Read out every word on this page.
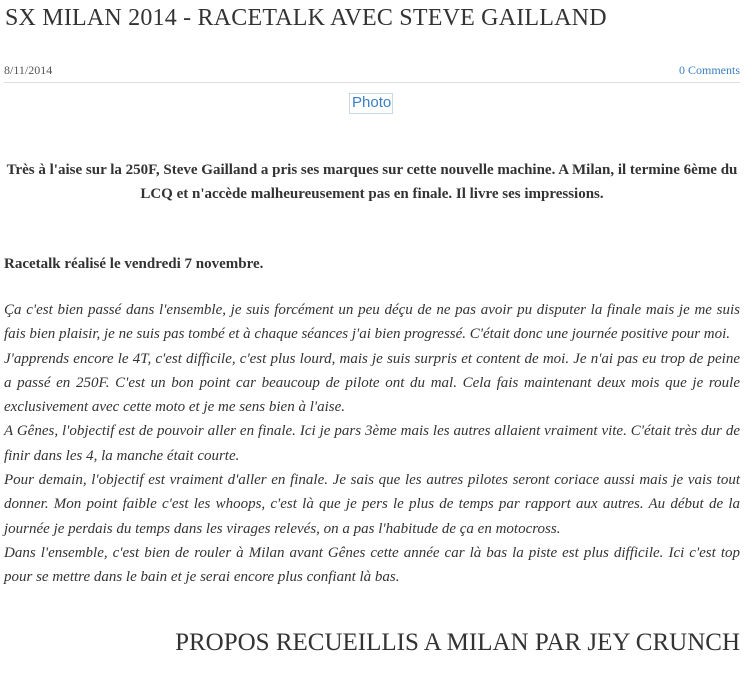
SX MILAN 2014 - RACETALK AVEC STEVE GAILLAND
8/11/2014	0 Comments
Photo

Très à l'aise sur la 250F, Steve Gailland a pris ses marques sur cette nouvelle machine. A Milan, il termine 6ème du LCQ et n'accède malheureusement pas en finale. Il livre ses impressions.

Racetalk réalisé le vendredi 7 novembre.

Ça c'est bien passé dans l'ensemble, je suis forcément un peu déçu de ne pas avoir pu disputer la finale mais je me suis fais bien plaisir, je ne suis pas tombé et à chaque séances j'ai bien progressé. C'était donc une journée positive pour moi.

J'apprends encore le 4T, c'est difficile, c'est plus lourd, mais je suis surpris et content de moi. Je n'ai pas eu trop de peine a passé en 250F. C'est un bon point car beaucoup de pilote ont du mal. Cela fais maintenant deux mois que je roule exclusivement avec cette moto et je me sens bien à l'aise.

A Gênes, l'objectif est de pouvoir aller en finale. Ici je pars 3ème mais les autres allaient vraiment vite. C'était très dur de finir dans les 4, la manche était courte.

Pour demain, l'objectif est vraiment d'aller en finale. Je sais que les autres pilotes seront coriace aussi mais je vais tout donner. Mon point faible c'est les whoops, c'est là que je pers le plus de temps par rapport aux autres. Au début de la journée je perdais du temps dans les virages relevés, on a pas l'habitude de ça en motocross.

Dans l'ensemble, c'est bien de rouler à Milan avant Gênes cette année car là bas la piste est plus difficile. Ici c'est top pour se mettre dans le bain et je serai encore plus confiant là bas.

PROPOS RECUEILLIS A MILAN PAR JEY CRUNCH
